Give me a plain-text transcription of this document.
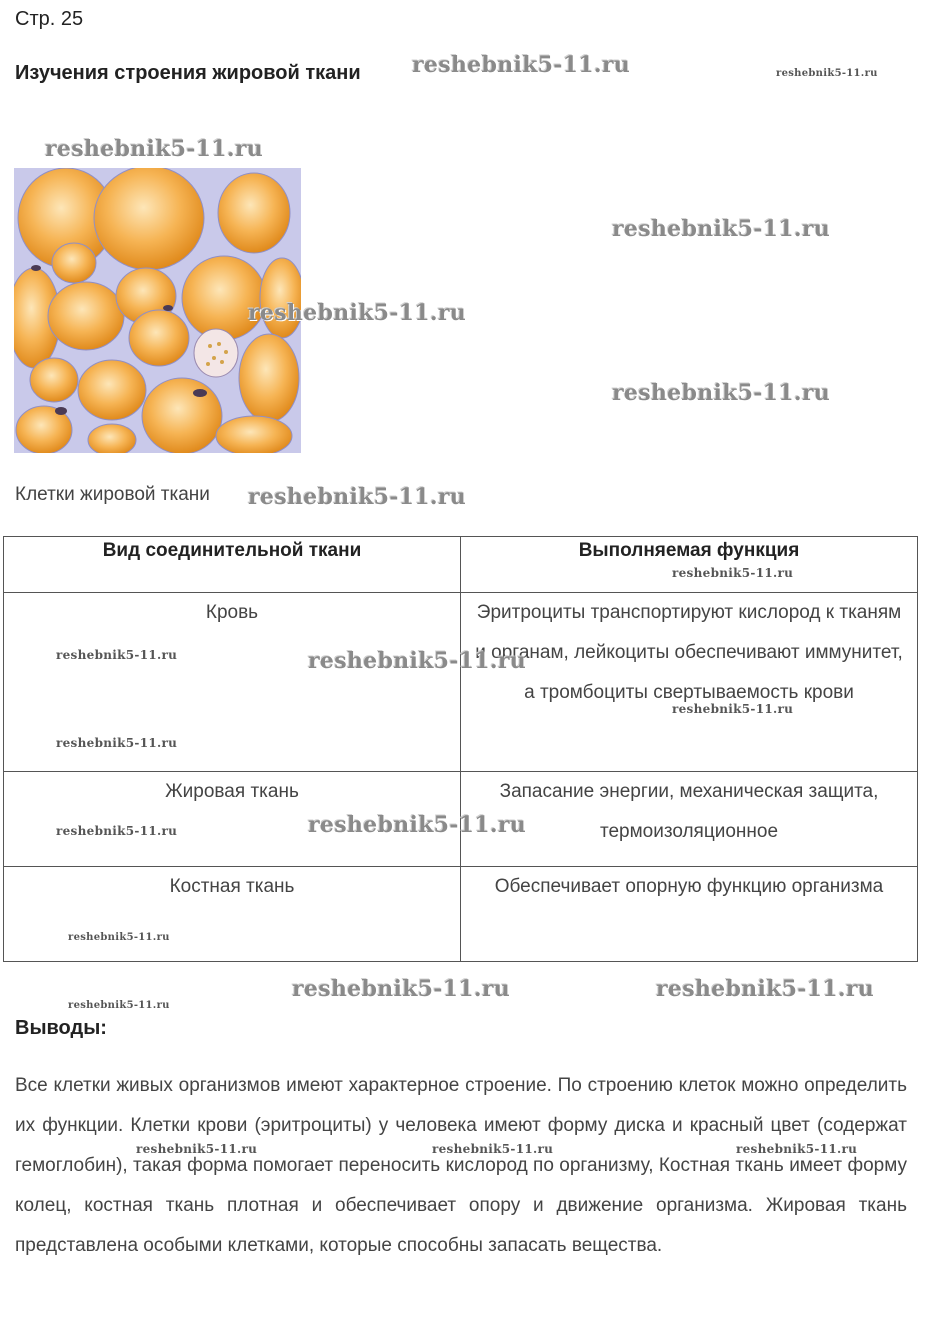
Стр. 25
Изучения строения жировой ткани
Клетки жировой ткани
Вид соединительной ткани	Выполняемая функция
Кровь	Эритроциты транспортируют кислород к тканям и органам, лейкоциты обеспечивают иммунитет, а тромбоциты свертываемость крови
Жировая ткань	Запасание энергии, механическая защита, термоизоляционное
Костная ткань	Обеспечивает опорную функцию организма
Выводы:
Все клетки живых организмов имеют характерное строение. По строению клеток можно определить их функции. Клетки крови (эритроциты) у человека имеют форму диска и красный цвет (содержат гемоглобин), такая форма помогает переносить кислород по организму, Костная ткань имеет форму колец, костная ткань плотная и обеспечивает опору и движение организма. Жировая ткань представлена особыми клетками, которые способны запасать вещества.
reshebnik5-11.ru	reshebnik5-11.ru
reshebnik5-11.ru
reshebnik5-11.ru
reshebnik5-11.ru
reshebnik5-11.ru
reshebnik5-11.ru
reshebnik5-11.ru
reshebnik5-11.ru	reshebnik5-11.ru
reshebnik5-11.ru
reshebnik5-11.ru
reshebnik5-11.ru	reshebnik5-11.ru
reshebnik5-11.ru
reshebnik5-11.ru	reshebnik5-11.ru
reshebnik5-11.ru
reshebnik5-11.ru	reshebnik5-11.ru	reshebnik5-11.ru
